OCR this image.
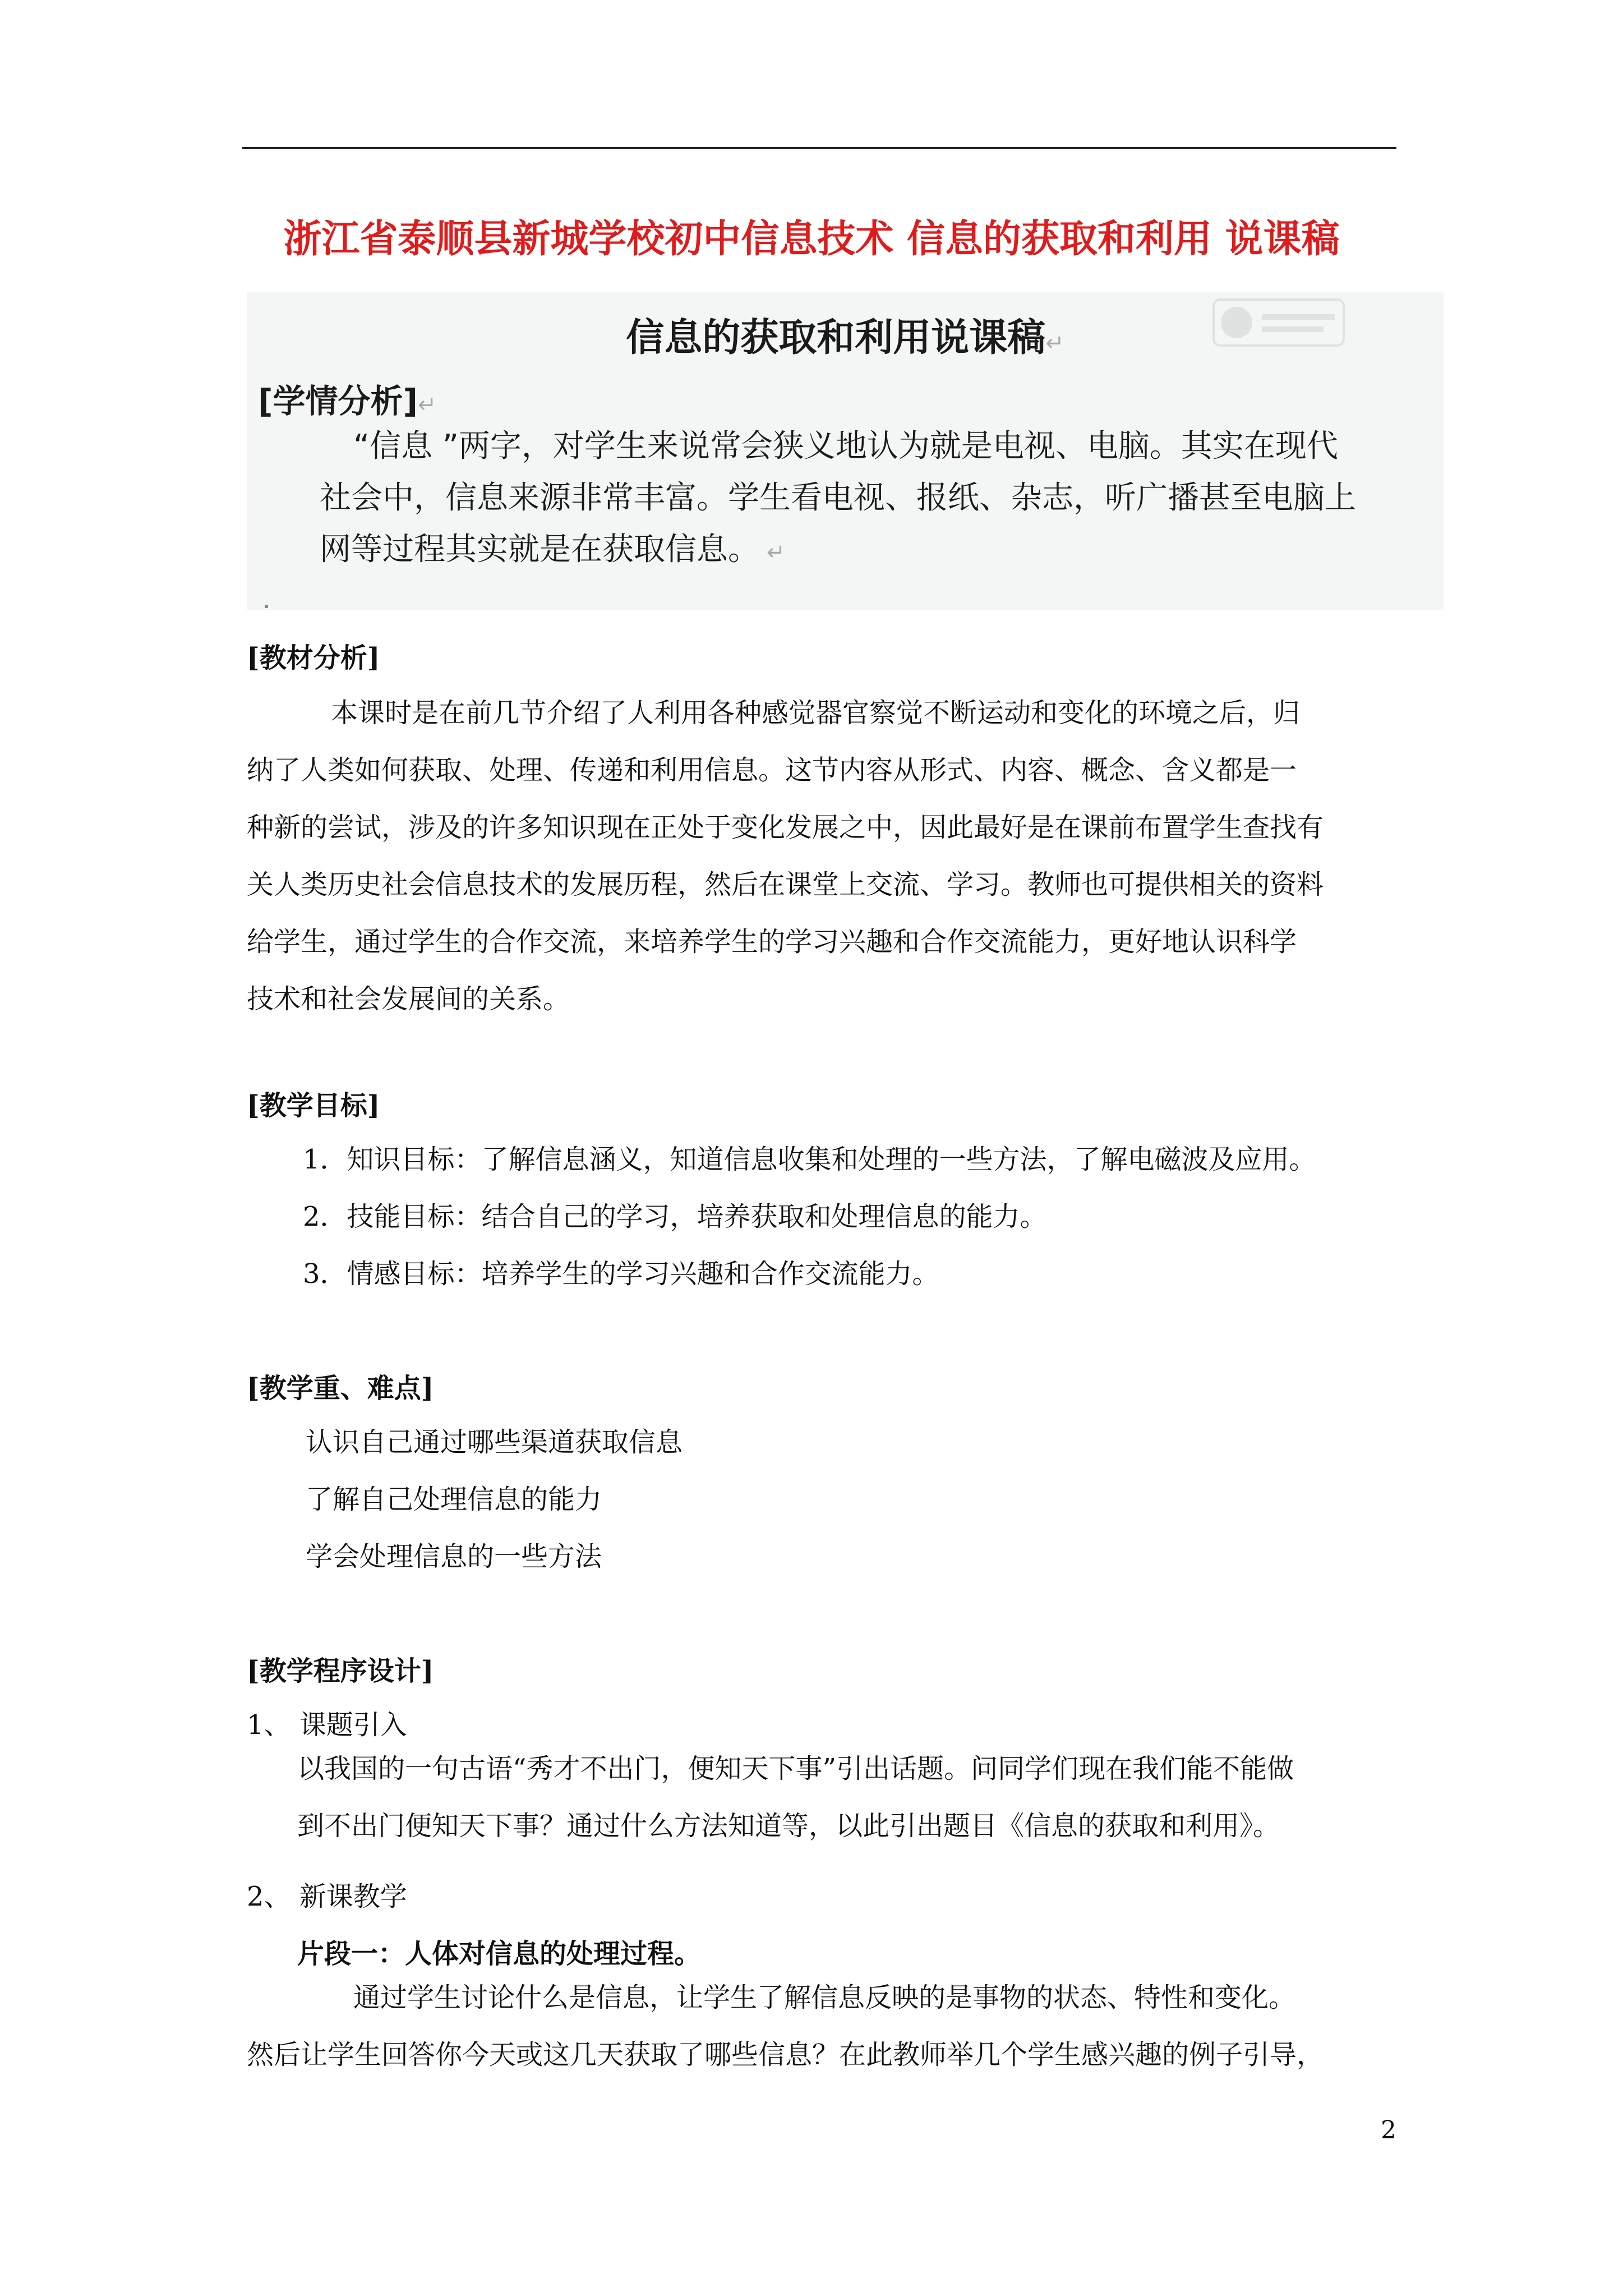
浙江省泰顺县新城学校初中信息技术 信息的获取和利用 说课稿
信息的获取和利用说课稿↵
[学情分析]↵
“信息 ”两字，对学生来说常会狭义地认为就是电视、电脑。其实在现代
社会中，信息来源非常丰富。学生看电视、报纸、杂志，听广播甚至电脑上
网等过程其实就是在获取信息。 ↵
[教材分析]
本课时是在前几节介绍了人利用各种感觉器官察觉不断运动和变化的环境之后，归
纳了人类如何获取、处理、传递和利用信息。这节内容从形式、内容、概念、含义都是一
种新的尝试，涉及的许多知识现在正处于变化发展之中，因此最好是在课前布置学生查找有
关人类历史社会信息技术的发展历程，然后在课堂上交流、学习。教师也可提供相关的资料
给学生，通过学生的合作交流，来培养学生的学习兴趣和合作交流能力，更好地认识科学
技术和社会发展间的关系。
[教学目标]
1．知识目标：了解信息涵义，知道信息收集和处理的一些方法，了解电磁波及应用。
2．技能目标：结合自己的学习，培养获取和处理信息的能力。
3．情感目标：培养学生的学习兴趣和合作交流能力。
[教学重、难点]
认识自己通过哪些渠道获取信息
了解自己处理信息的能力
学会处理信息的一些方法
[教学程序设计]
1、 课题引入
以我国的一句古语“秀才不出门，便知天下事”引出话题。问同学们现在我们能不能做
到不出门便知天下事？通过什么方法知道等，以此引出题目《信息的获取和利用》。
2、 新课教学
片段一：人体对信息的处理过程。
通过学生讨论什么是信息，让学生了解信息反映的是事物的状态、特性和变化。
然后让学生回答你今天或这几天获取了哪些信息？在此教师举几个学生感兴趣的例子引导，
2
